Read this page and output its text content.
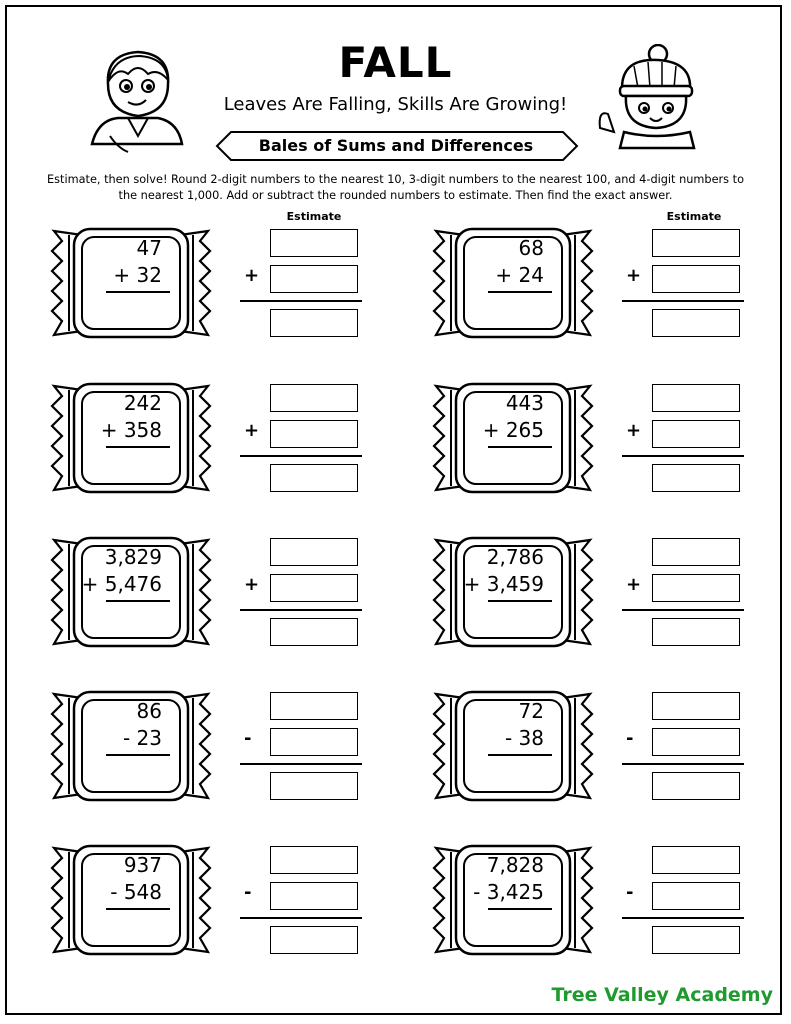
FALL
Leaves Are Falling, Skills Are Growing!
Bales of Sums and Differences
Estimate, then solve! Round 2-digit numbers to the nearest 10, 3-digit numbers to the nearest 100, and 4-digit numbers to the nearest 1,000. Add or subtract the rounded numbers to estimate. Then find the exact answer.
Estimate	Estimate
47
+ 32	+
68
+ 24	+
242
+ 358	+
443
+ 265	+
3,829
+ 5,476	+
2,786
+ 3,459	+
86
- 23	-
72
- 38	-
937
- 548	-
7,828
- 3,425	-
Tree Valley Academy
